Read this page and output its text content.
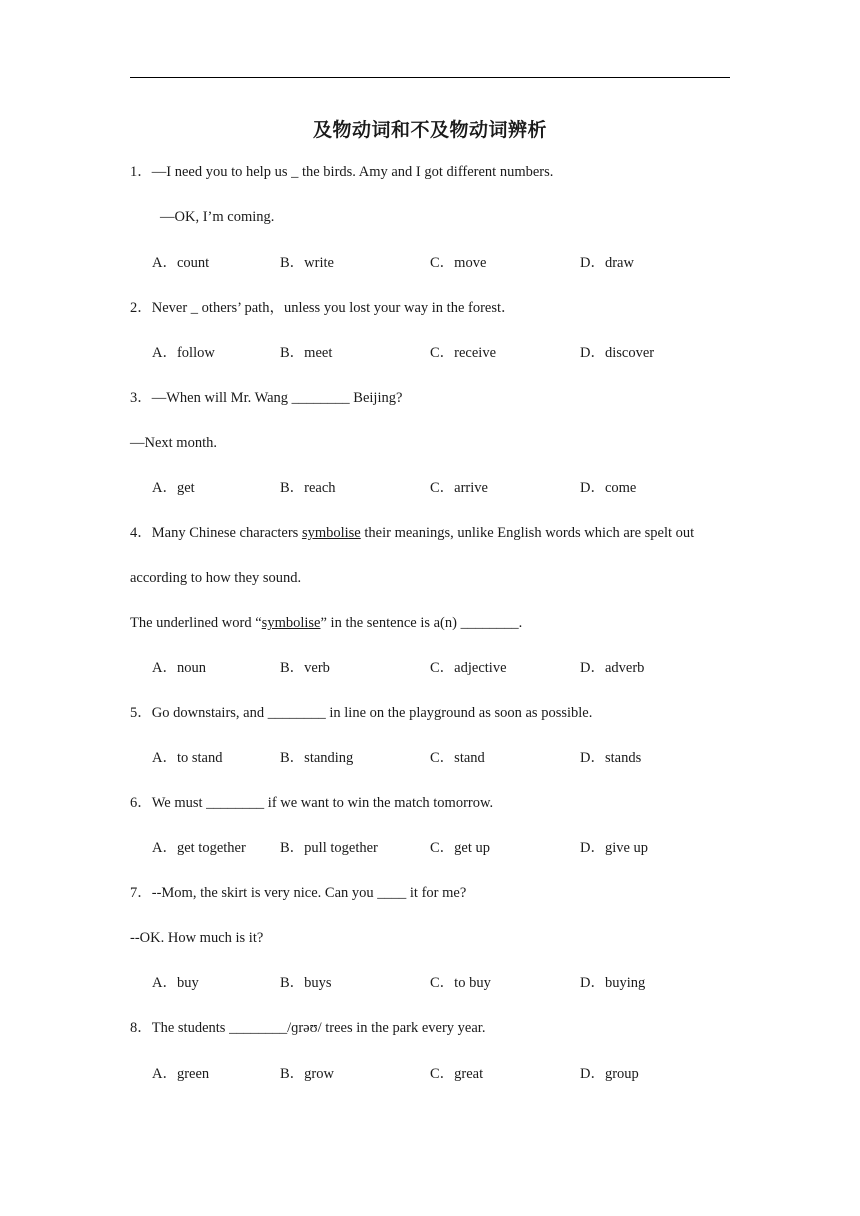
及物动词和不及物动词辨析
1．—I need you to help us _ the birds. Amy and I got different numbers.
—OK, I’m coming.
A．count	B．write	C．move	D．draw
2．Never _ others’ path，unless you lost your way in the forest．
A．follow	B．meet	C．receive	D．discover
3．—When will Mr. Wang ________ Beijing?
—Next month.
A．get	B．reach	C．arrive	D．come
4．Many Chinese characters symbolise their meanings, unlike English words which are spelt out
according to how they sound.
The underlined word “symbolise” in the sentence is a(n) ________.
A．noun	B．verb	C．adjective	D．adverb
5．Go downstairs, and ________ in line on the playground as soon as possible.
A．to stand	B．standing	C．stand	D．stands
6．We must ________ if we want to win the match tomorrow.
A．get together B．pull together	C．get up	D．give up
7．--Mom, the skirt is very nice. Can you ____ it for me?
--OK. How much is it?
A．buy	B．buys	C．to buy	D．buying
8．The students ________/ɡrəʊ/ trees in the park every year.
A．green	B．grow	C．great	D．group
